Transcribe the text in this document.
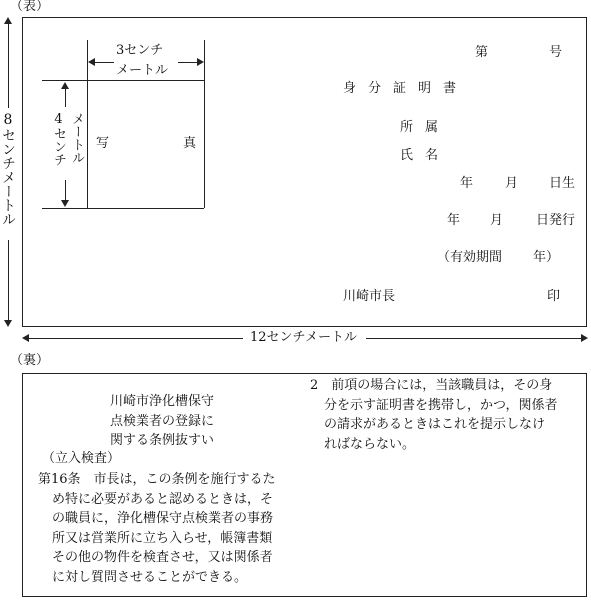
（表）
8センチメートル
12センチメートル
3センチ
メートル
4センチ メートル 写	真
第	号
身分証明書
所属
氏名
年 月 日生
年 月	日発行
（有効期間 年）
川崎市長	印
（裏）
川崎市浄化槽保守
点検業者の登録に
関する条例抜すい
（立入検査）
第16条　市長は，この条例を施行するた
め特に必要があると認めるときは，そ
の職員に，浄化槽保守点検業者の事務
所又は営業所に立ち入らせ，帳簿書類
その他の物件を検査させ，又は関係者
に対し質問させることができる。
2　前項の場合には，当該職員は，その身
分を示す証明書を携帯し，かつ，関係者
の請求があるときはこれを提示しなけ
ればならない。
